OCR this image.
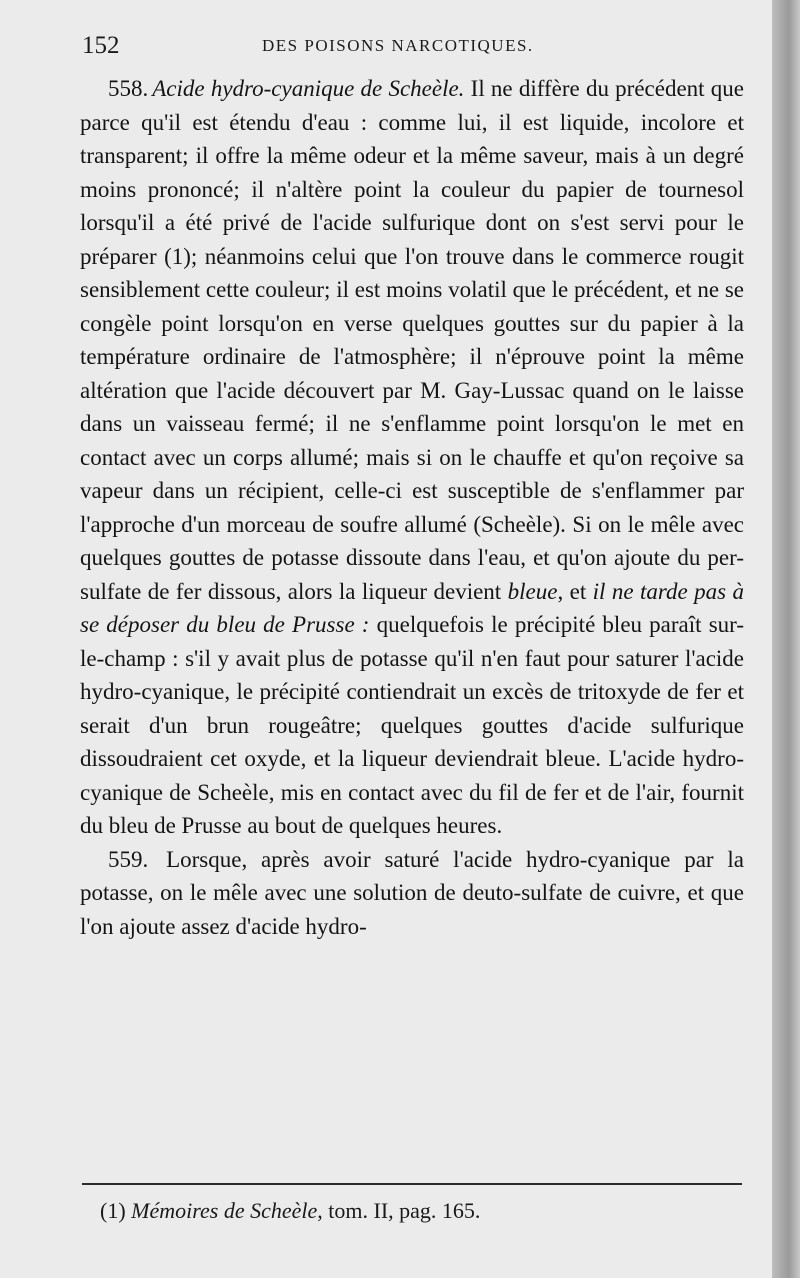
152	DES POISONS NARCOTIQUES.

558. Acide hydro-cyanique de Scheèle. Il ne diffère du précédent que parce qu'il est étendu d'eau : comme lui, il est liquide, incolore et transparent; il offre la même odeur et la même saveur, mais à un degré moins prononcé; il n'altère point la couleur du papier de tournesol lorsqu'il a été privé de l'acide sulfurique dont on s'est servi pour le préparer (1); néanmoins celui que l'on trouve dans le commerce rougit sensiblement cette couleur; il est moins volatil que le précédent, et ne se congèle point lorsqu'on en verse quelques gouttes sur du papier à la température ordinaire de l'atmosphère; il n'éprouve point la même altération que l'acide découvert par M. Gay-Lussac quand on le laisse dans un vaisseau fermé; il ne s'enflamme point lorsqu'on le met en contact avec un corps allumé; mais si on le chauffe et qu'on reçoive sa vapeur dans un récipient, celle-ci est susceptible de s'enflammer par l'approche d'un morceau de soufre allumé (Scheèle). Si on le mêle avec quelques gouttes de potasse dissoute dans l'eau, et qu'on ajoute du per-sulfate de fer dissous, alors la liqueur devient bleue, et il ne tarde pas à se déposer du bleu de Prusse : quelquefois le précipité bleu paraît sur-le-champ : s'il y avait plus de potasse qu'il n'en faut pour saturer l'acide hydro-cyanique, le précipité contiendrait un excès de tritoxyde de fer et serait d'un brun rougeâtre; quelques gouttes d'acide sulfurique dissoudraient cet oxyde, et la liqueur deviendrait bleue. L'acide hydro-cyanique de Scheèle, mis en contact avec du fil de fer et de l'air, fournit du bleu de Prusse au bout de quelques heures.

559. Lorsque, après avoir saturé l'acide hydro-cyanique par la potasse, on le mêle avec une solution de deuto-sulfate de cuivre, et que l'on ajoute assez d'acide hydro-

(1) Mémoires de Scheèle, tom. II, pag. 165.
